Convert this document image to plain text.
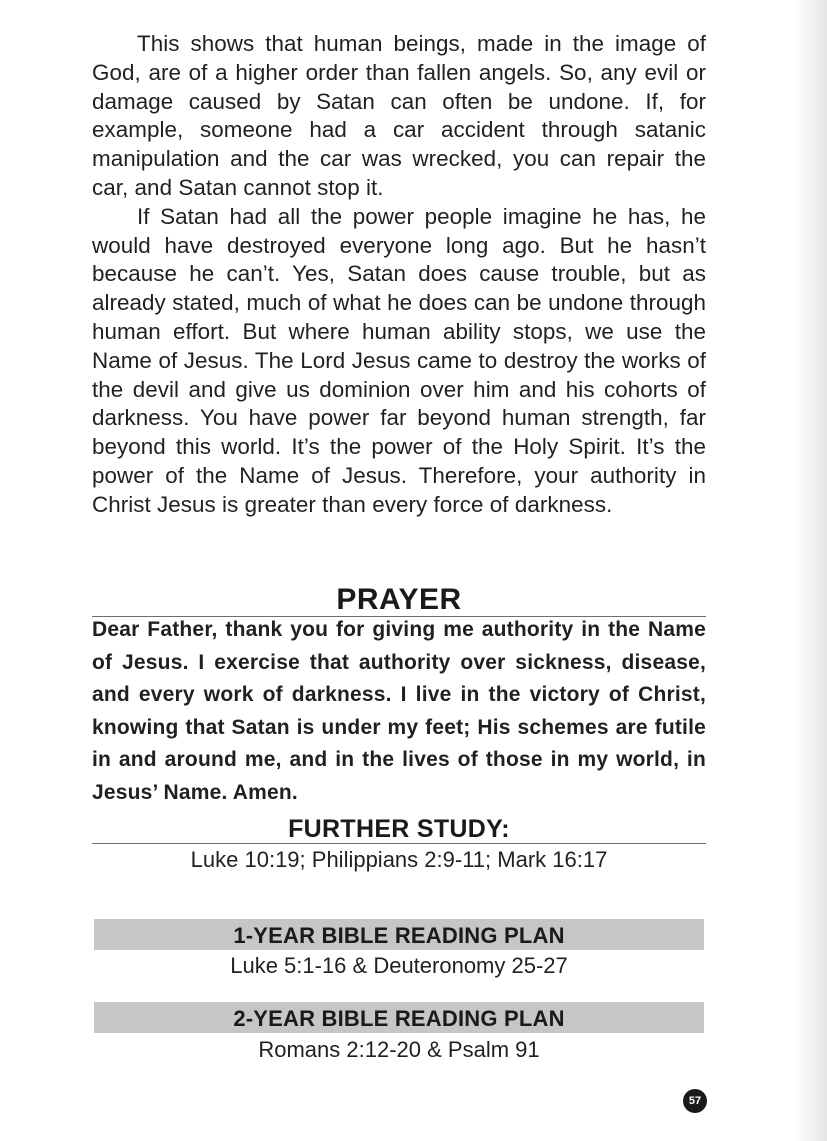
This shows that human beings, made in the image of God, are of a higher order than fallen angels. So, any evil or damage caused by Satan can often be undone. If, for example, someone had a car accident through satanic manipulation and the car was wrecked, you can repair the car, and Satan cannot stop it.

If Satan had all the power people imagine he has, he would have destroyed everyone long ago. But he hasn’t because he can’t. Yes, Satan does cause trouble, but as already stated, much of what he does can be undone through human effort. But where human ability stops, we use the Name of Jesus. The Lord Jesus came to destroy the works of the devil and give us dominion over him and his cohorts of darkness. You have power far beyond human strength, far beyond this world. It’s the power of the Holy Spirit. It’s the power of the Name of Jesus. Therefore, your authority in Christ Jesus is greater than every force of darkness.

PRAYER

Dear Father, thank you for giving me authority in the Name of Jesus. I exercise that authority over sickness, disease, and every work of darkness. I live in the victory of Christ, knowing that Satan is under my feet; His schemes are futile in and around me, and in the lives of those in my world, in Jesus’ Name. Amen.

FURTHER STUDY:
Luke 10:19; Philippians 2:9-11; Mark 16:17
1-YEAR BIBLE READING PLAN
Luke 5:1-16 & Deuteronomy 25-27
2-YEAR BIBLE READING PLAN
Romans 2:12-20 & Psalm 91
57
